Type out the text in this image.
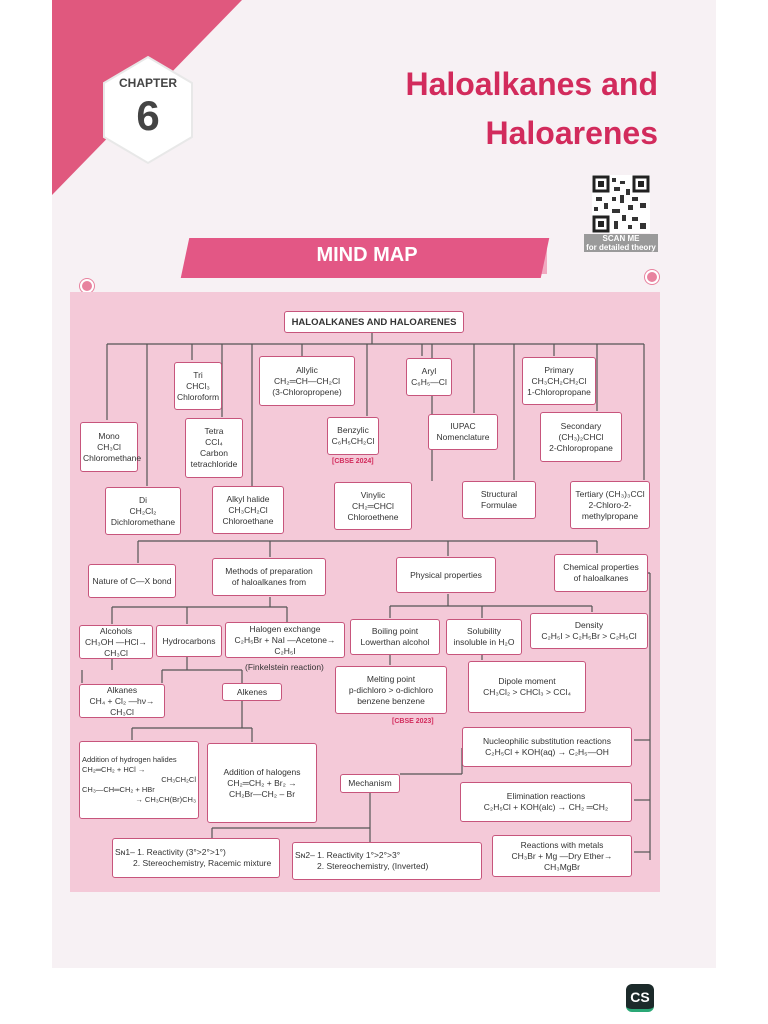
CHAPTER
6
Haloalkanes and
Haloarenes
SCAN ME
for detailed theory
MIND MAP
HALOALKANES AND HALOARENES
Tri
CHCl₃
Chloroform
Allylic
CH₂═CH—CH₂Cl
(3-Chloropropene)
Aryl
C₆H₅—Cl
Primary
CH₃CH₂CH₂Cl
1-Chloropropane
Mono
CH₃Cl
Chloromethane
Tetra
CCl₄
Carbon
tetrachloride
Benzylic
C₆H₅CH₂Cl
[CBSE 2024]
IUPAC
Nomenclature
Secondary
(CH₃)₂CHCl
2-Chloropropane
Di
CH₂Cl₂
Dichloromethane
Alkyl halide
CH₃CH₂Cl
Chloroethane
Vinylic
CH₂═CHCl
Chloroethene
Structural
Formulae
Tertiary (CH₃)₃CCl
2-Chloro-2-
methylpropane
Nature of C—X bond
Methods of preparation
of haloalkanes from
Physical properties
Chemical properties
of haloalkanes
Alcohols
CH₃OH —HCl→ CH₃Cl
Hydrocarbons
Halogen exchange
C₂H₅Br + NaI —Acetone→ C₂H₅I
(Finkelstein reaction)
Alkanes
CH₄ + Cl₂ —hν→ CH₃Cl
Alkenes
Addition of hydrogen halides
CH₂═CH₂ + HCl →
CH₃CH₂Cl
CH₃—CH═CH₂ + HBr
→ CH₃CH(Br)CH₃
Addition of halogens
CH₂═CH₂ + Br₂ →
CH₂Br—CH₂ – Br
Boiling point
Lowerthan alcohol
Solubility
insoluble in H₂O
Density
C₂H₅I > C₂H₅Br > C₂H₅Cl
Melting point
p-dichloro > o-dichloro
benzene benzene
[CBSE 2023]
Dipole moment
CH₃Cl₂ > CHCl₃ > CCl₄
Nucleophilic substitution reactions
C₂H₅Cl + KOH(aq) → C₂H₅—OH
Mechanism
Elimination reactions
C₂H₅Cl + KOH(alc) → CH₂ ═CH₂
Reactions with metals
CH₃Br + Mg —Dry Ether→ CH₃MgBr
Sɴ1– 1. Reactivity (3°>2°>1°)
2. Stereochemistry, Racemic mixture
Sɴ2– 1. Reactivity 1°>2°>3°
2. Stereochemistry, (Inverted)
CS
